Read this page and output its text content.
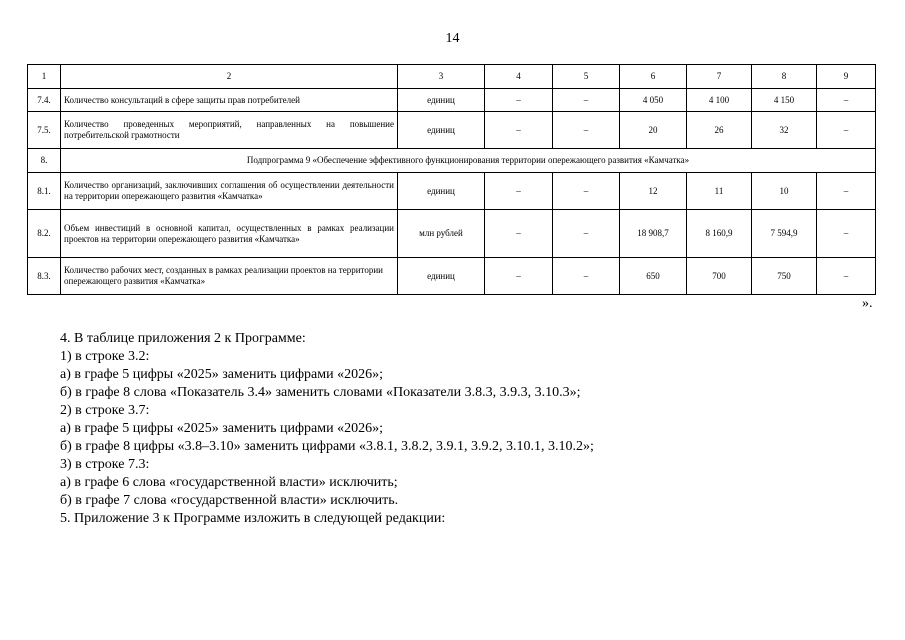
14
1	2	3	4	5	6	7	8	9
7.4.	Количество консультаций в сфере защиты прав потребителей	единиц	–	–	4 050	4 100	4 150	–
7.5.	Количество проведенных мероприятий, направленных на повышение потребительской грамотности	единиц	–	–	20	26	32	–
8.	Подпрограмма 9 «Обеспечение эффективного функционирования территории опережающего развития «Камчатка»							
8.1.	Количество организаций, заключивших соглашения об осуществлении деятельности на территории опережающего развития «Камчатка»	единиц	–	–	12	11	10	–
8.2.	Объем инвестиций в основной капитал, осуществленных в рамках реализации проектов на территории опережающего развития «Камчатка»	млн рублей	–	–	18 908,7	8 160,9	7 594,9	–
8.3.	Количество рабочих мест, созданных в рамках реализации проектов на территории опережающего развития «Камчатка»	единиц	–	–	650	700	750	–
».

4. В таблице приложения 2 к Программе:

1) в строке 3.2:

а) в графе 5 цифры «2025» заменить цифрами «2026»;

б) в графе 8 слова «Показатель 3.4» заменить словами «Показатели 3.8.3, 3.9.3, 3.10.3»;

2) в строке 3.7:

а) в графе 5 цифры «2025» заменить цифрами «2026»;

б) в графе 8 цифры «3.8–3.10» заменить цифрами «3.8.1, 3.8.2, 3.9.1, 3.9.2, 3.10.1, 3.10.2»;

3) в строке 7.3:

а) в графе 6 слова «государственной власти» исключить;

б) в графе 7 слова «государственной власти» исключить.

5. Приложение 3 к Программе изложить в следующей редакции:
